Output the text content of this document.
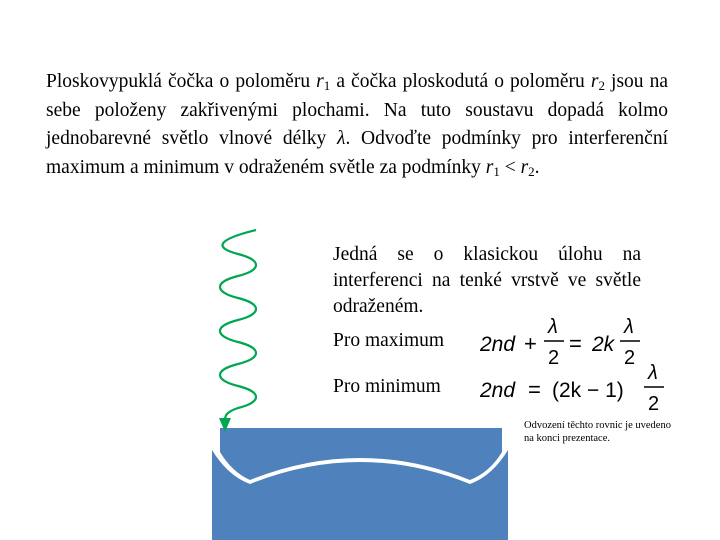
Ploskovypuklá čočka o poloměru $r_1$ a čočka ploskodutá o poloměru $r_2$ jsou na sebe položeny zakřivenými plochami. Na tuto soustavu dopadá kolmo jednobarevné světlo vlnové délky λ. Odvoďte podmínky pro interferenční maximum a minimum v odraženém světle za podmínky $r_1 < r_2$.

Jedná se o klasickou úlohu na interferenci na tenké vrstvě ve světle odraženém.

Pro maximum
Pro minimum
2nd +
λ
2
= 2k
λ
2
2nd = (2k − 1)
λ
2
Odvození těchto rovnic je uvedeno na konci prezentace.
